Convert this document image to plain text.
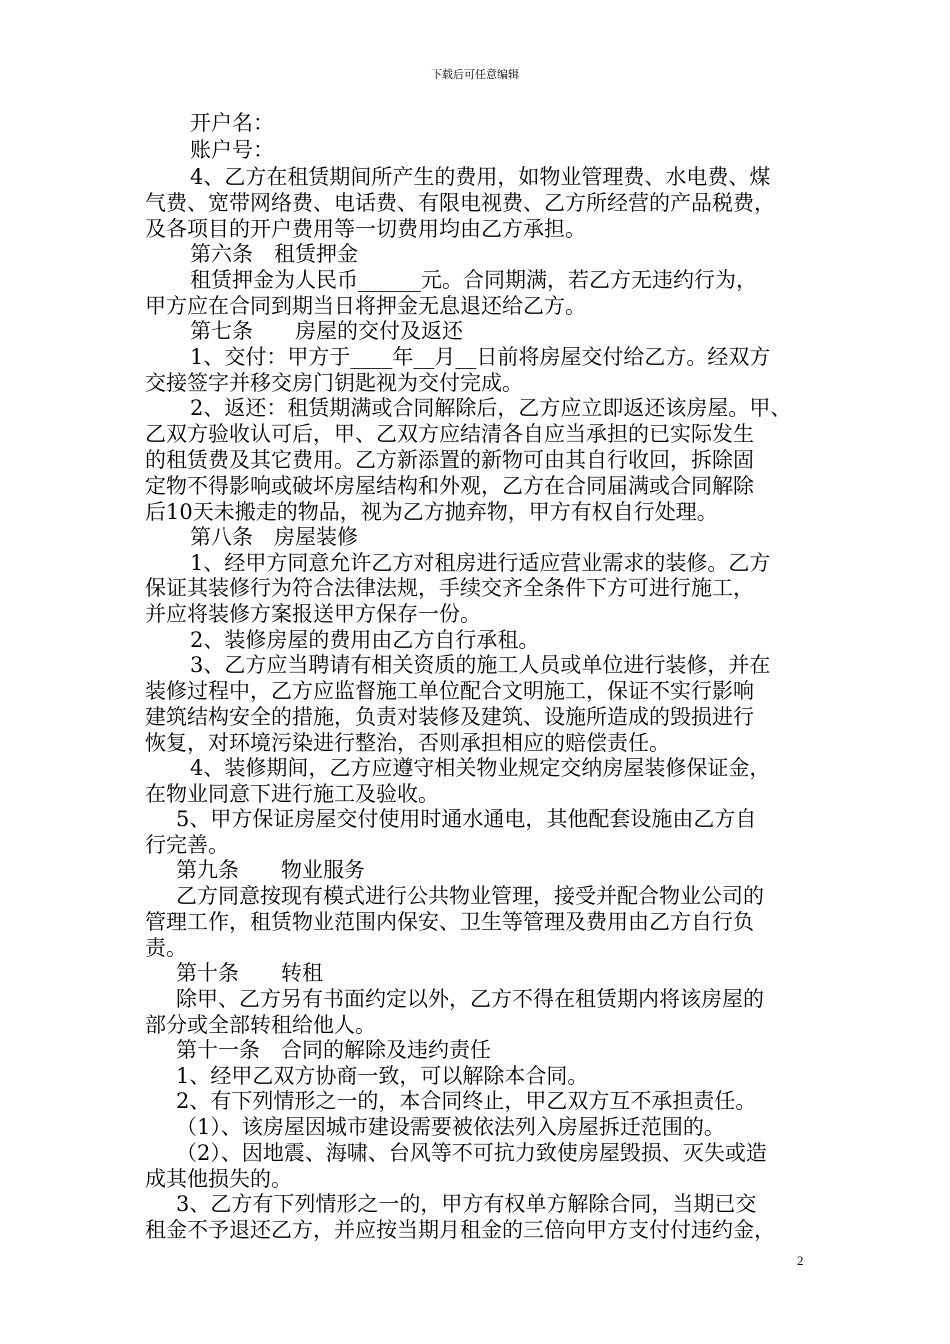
下载后可任意编辑
开户名：
账户号：
4、乙方在租赁期间所产生的费用，如物业管理费、水电费、煤
气费、宽带网络费、电话费、有限电视费、乙方所经营的产品税费，
及各项目的开户费用等一切费用均由乙方承担。
第六条　租赁押金
租赁押金为人民币______元。合同期满，若乙方无违约行为，
甲方应在合同到期当日将押金无息退还给乙方。
第七条　　房屋的交付及返还
1、交付：甲方于____年__月__日前将房屋交付给乙方。经双方
交接签字并移交房门钥匙视为交付完成。
2、返还：租赁期满或合同解除后，乙方应立即返还该房屋。甲、
乙双方验收认可后，甲、乙双方应结清各自应当承担的已实际发生
的租赁费及其它费用。乙方新添置的新物可由其自行收回，拆除固
定物不得影响或破坏房屋结构和外观，乙方在合同届满或合同解除
后10天未搬走的物品，视为乙方抛弃物，甲方有权自行处理。
第八条　房屋装修
1、经甲方同意允许乙方对租房进行适应营业需求的装修。乙方
保证其装修行为符合法律法规，手续交齐全条件下方可进行施工，
并应将装修方案报送甲方保存一份。
2、装修房屋的费用由乙方自行承租。
3、乙方应当聘请有相关资质的施工人员或单位进行装修，并在
装修过程中，乙方应监督施工单位配合文明施工，保证不实行影响
建筑结构安全的措施，负责对装修及建筑、设施所造成的毁损进行
恢复，对环境污染进行整治，否则承担相应的赔偿责任。
4、装修期间，乙方应遵守相关物业规定交纳房屋装修保证金，
在物业同意下进行施工及验收。
5、甲方保证房屋交付使用时通水通电，其他配套设施由乙方自
行完善。
第九条　　物业服务
乙方同意按现有模式进行公共物业管理，接受并配合物业公司的
管理工作，租赁物业范围内保安、卫生等管理及费用由乙方自行负
责。
第十条　　转租
除甲、乙方另有书面约定以外，乙方不得在租赁期内将该房屋的
部分或全部转租给他人。
第十一条　合同的解除及违约责任
1、经甲乙双方协商一致，可以解除本合同。
2、有下列情形之一的，本合同终止，甲乙双方互不承担责任。
（1）、该房屋因城市建设需要被依法列入房屋拆迁范围的。
（2）、因地震、海啸、台风等不可抗力致使房屋毁损、灭失或造
成其他损失的。
3、乙方有下列情形之一的，甲方有权单方解除合同，当期已交
租金不予退还乙方，并应按当期月租金的三倍向甲方支付付违约金，
2
